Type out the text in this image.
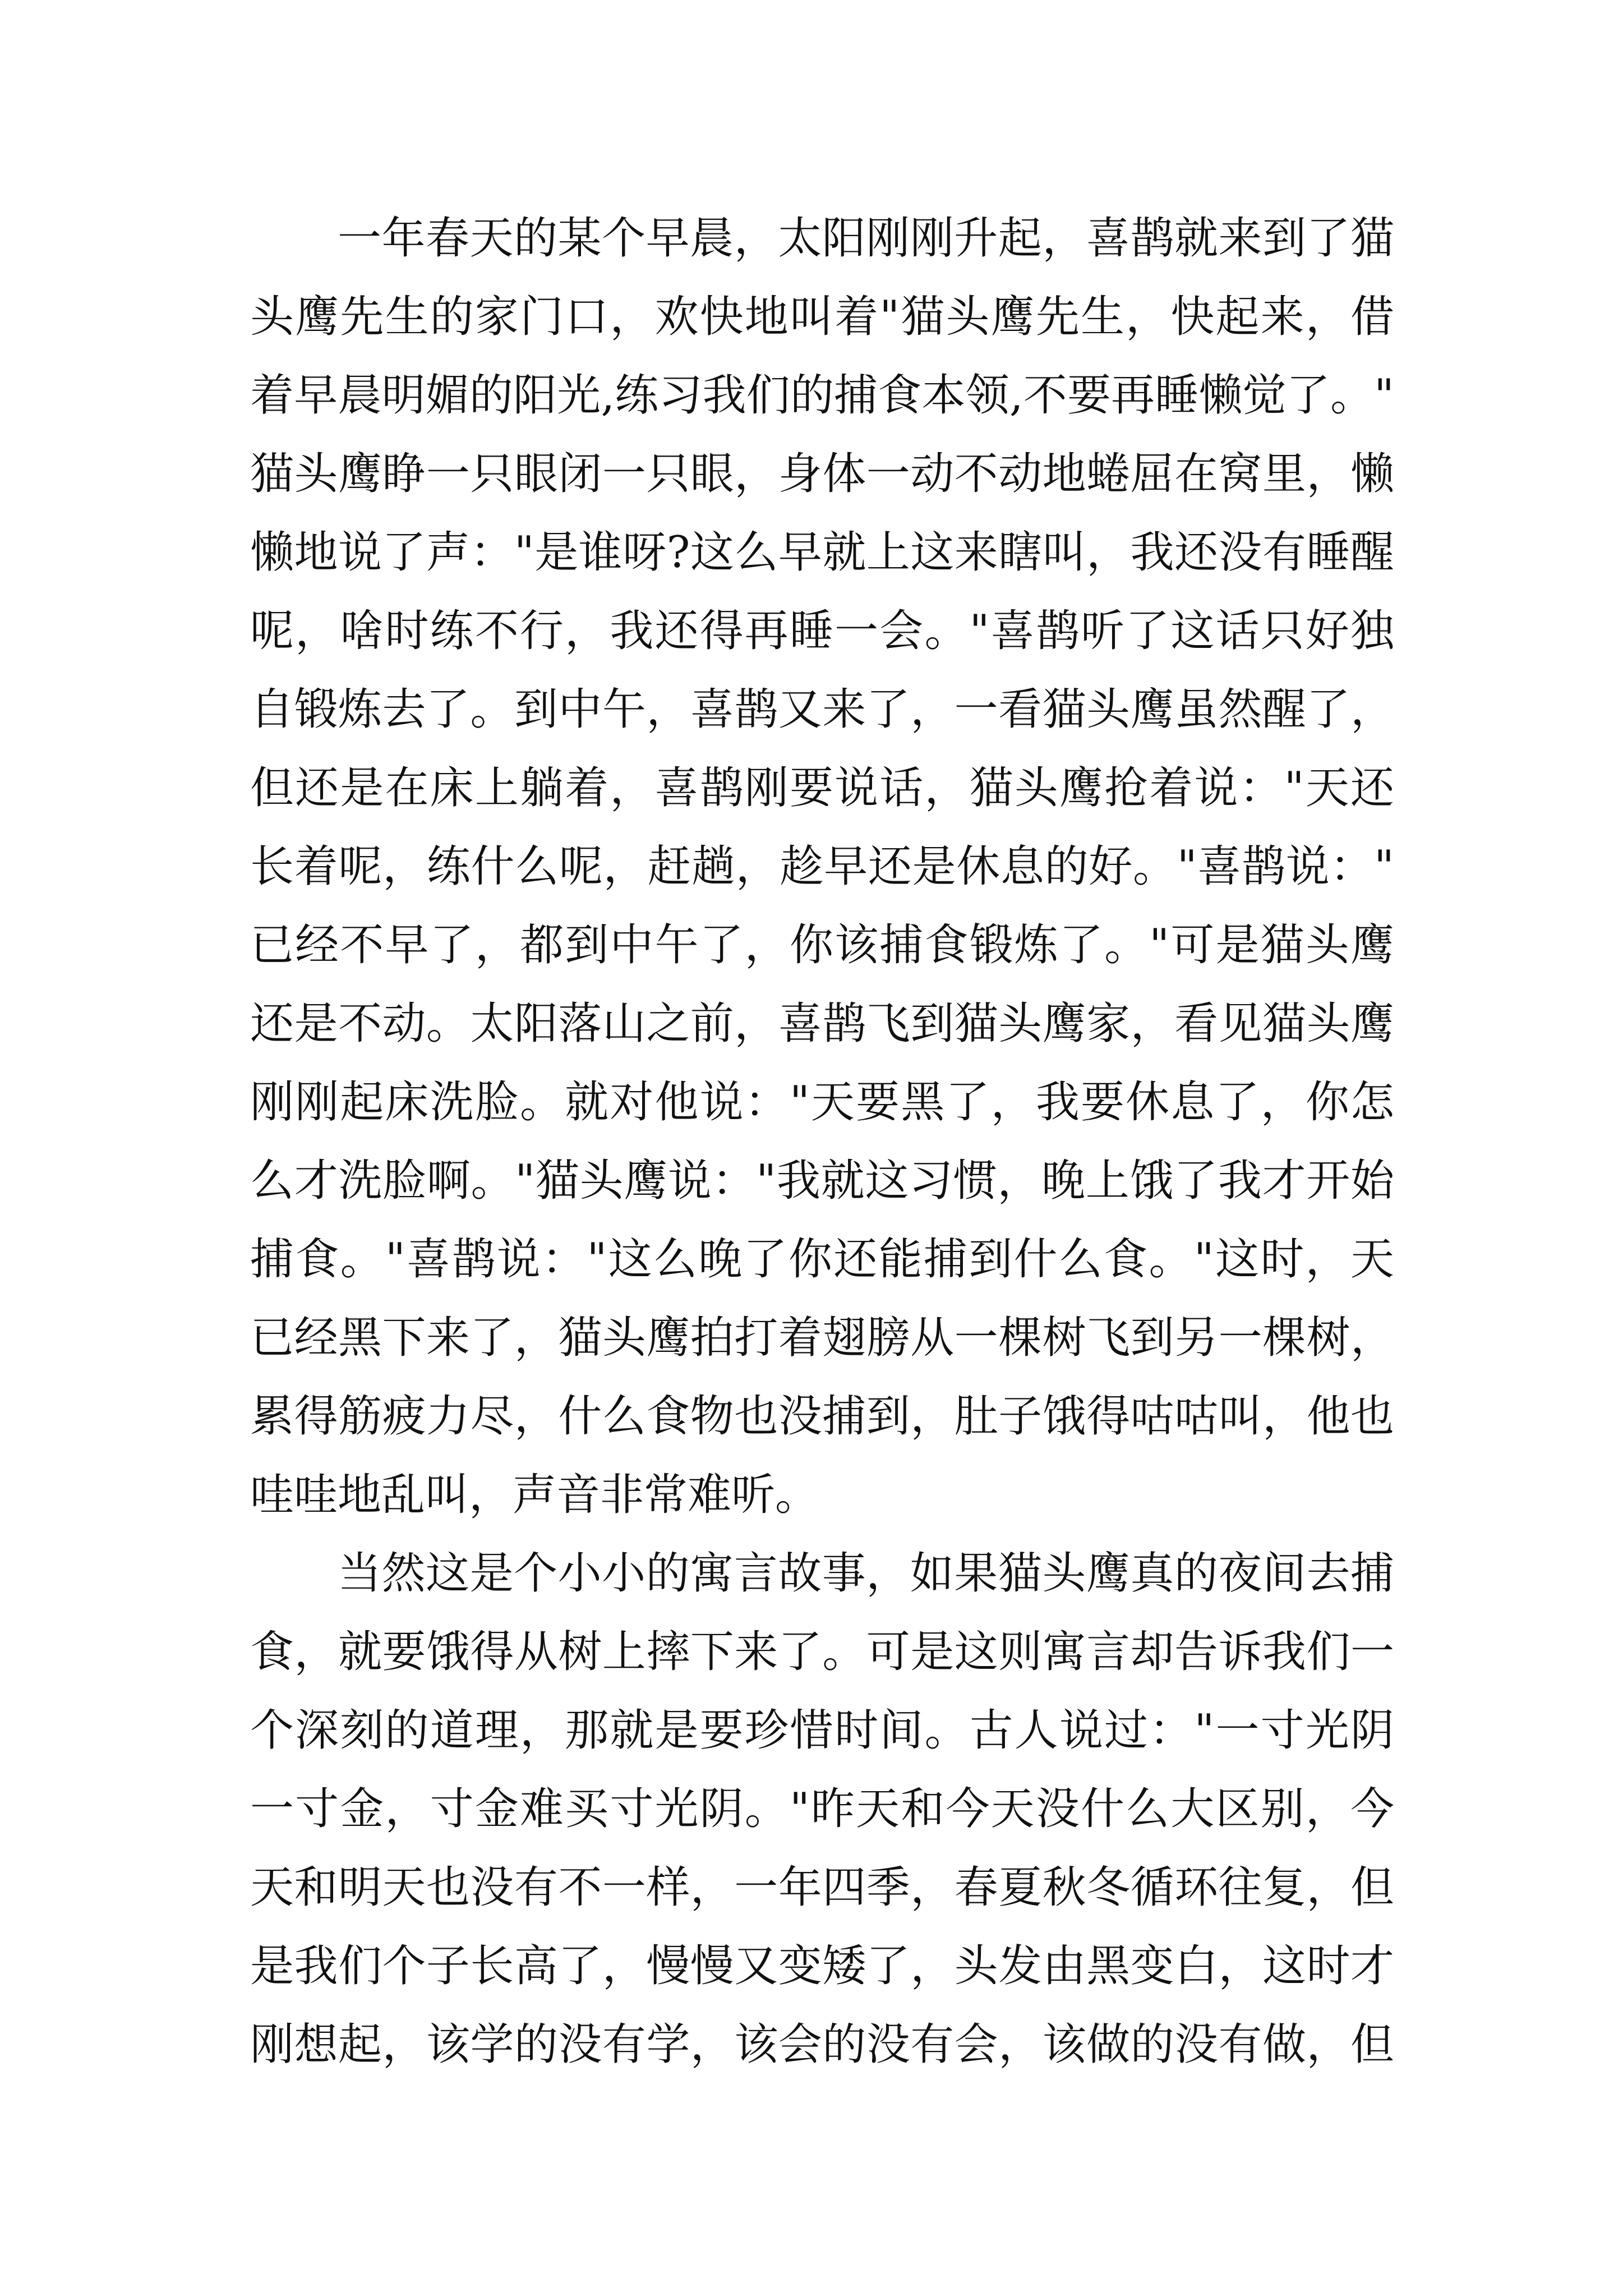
一年春天的某个早晨，太阳刚刚升起，喜鹊就来到了猫
头鹰先生的家门口，欢快地叫着"猫头鹰先生，快起来，借
着早晨明媚的阳光,练习我们的捕食本领,不要再睡懒觉了。"
猫头鹰睁一只眼闭一只眼，身体一动不动地蜷屈在窝里，懒
懒地说了声："是谁呀?这么早就上这来瞎叫，我还没有睡醒
呢，啥时练不行，我还得再睡一会。"喜鹊听了这话只好独
自锻炼去了。到中午，喜鹊又来了，一看猫头鹰虽然醒了，
但还是在床上躺着，喜鹊刚要说话，猫头鹰抢着说："天还
长着呢，练什么呢，赶趟，趁早还是休息的好。"喜鹊说："
已经不早了，都到中午了，你该捕食锻炼了。"可是猫头鹰
还是不动。太阳落山之前，喜鹊飞到猫头鹰家，看见猫头鹰
刚刚起床洗脸。就对他说："天要黑了，我要休息了，你怎
么才洗脸啊。"猫头鹰说："我就这习惯，晚上饿了我才开始
捕食。"喜鹊说："这么晚了你还能捕到什么食。"这时，天
已经黑下来了，猫头鹰拍打着翅膀从一棵树飞到另一棵树，
累得筋疲力尽，什么食物也没捕到，肚子饿得咕咕叫，他也
哇哇地乱叫，声音非常难听。
当然这是个小小的寓言故事，如果猫头鹰真的夜间去捕
食，就要饿得从树上摔下来了。可是这则寓言却告诉我们一
个深刻的道理，那就是要珍惜时间。古人说过："一寸光阴
一寸金，寸金难买寸光阴。"昨天和今天没什么大区别，今
天和明天也没有不一样，一年四季，春夏秋冬循环往复，但
是我们个子长高了，慢慢又变矮了，头发由黑变白，这时才
刚想起，该学的没有学，该会的没有会，该做的没有做，但
